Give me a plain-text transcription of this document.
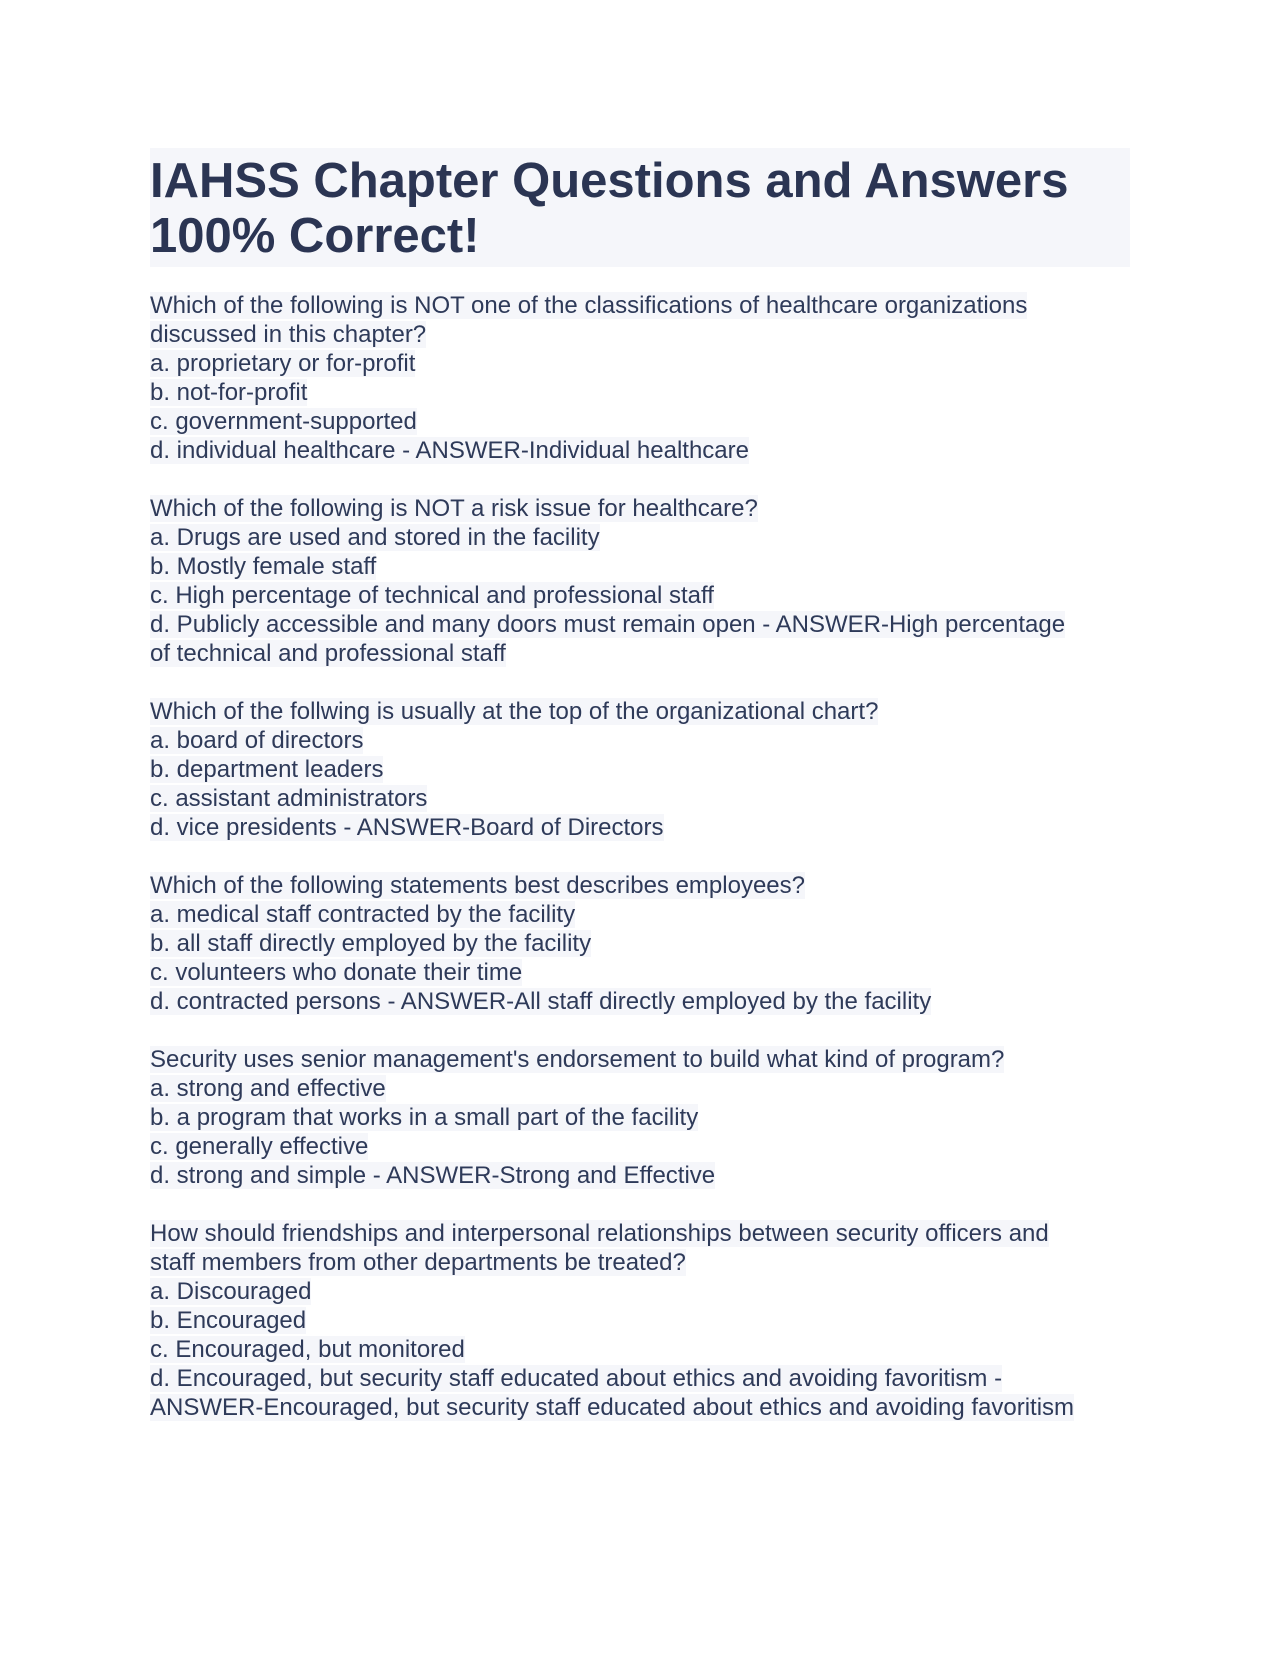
IAHSS Chapter Questions and Answers
100% Correct!
Which of the following is NOT one of the classifications of healthcare organizations
discussed in this chapter?
a. proprietary or for-profit
b. not-for-profit
c. government-supported
d. individual healthcare - ANSWER-Individual healthcare
Which of the following is NOT a risk issue for healthcare?
a. Drugs are used and stored in the facility
b. Mostly female staff
c. High percentage of technical and professional staff
d. Publicly accessible and many doors must remain open - ANSWER-High percentage
of technical and professional staff
Which of the follwing is usually at the top of the organizational chart?
a. board of directors
b. department leaders
c. assistant administrators
d. vice presidents - ANSWER-Board of Directors
Which of the following statements best describes employees?
a. medical staff contracted by the facility
b. all staff directly employed by the facility
c. volunteers who donate their time
d. contracted persons - ANSWER-All staff directly employed by the facility
Security uses senior management's endorsement to build what kind of program?
a. strong and effective
b. a program that works in a small part of the facility
c. generally effective
d. strong and simple - ANSWER-Strong and Effective
How should friendships and interpersonal relationships between security officers and
staff members from other departments be treated?
a. Discouraged
b. Encouraged
c. Encouraged, but monitored
d. Encouraged, but security staff educated about ethics and avoiding favoritism -
ANSWER-Encouraged, but security staff educated about ethics and avoiding favoritism
